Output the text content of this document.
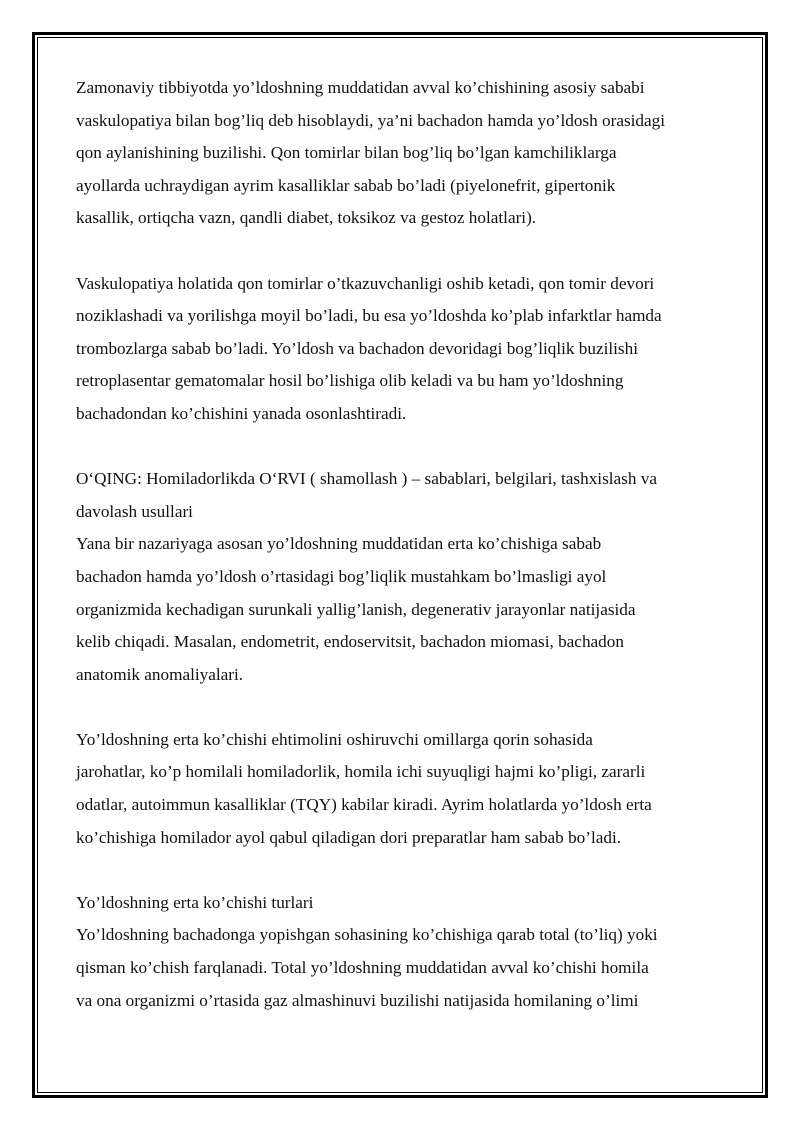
Zamonaviy tibbiyotda yo’ldoshning muddatidan avval ko’chishining asosiy sababi

vaskulopatiya bilan bog’liq deb hisoblaydi, ya’ni bachadon hamda yo’ldosh orasidagi

qon aylanishining buzilishi. Qon tomirlar bilan bog’liq bo’lgan kamchiliklarga

ayollarda uchraydigan ayrim kasalliklar sabab bo’ladi (piyelonefrit, gipertonik

kasallik, ortiqcha vazn, qandli diabet, toksikoz va gestoz holatlari).

Vaskulopatiya holatida qon tomirlar o’tkazuvchanligi oshib ketadi, qon tomir devori

noziklashadi va yorilishga moyil bo’ladi, bu esa yo’ldoshda ko’plab infarktlar hamda

trombozlarga sabab bo’ladi. Yo’ldosh va bachadon devoridagi bog’liqlik buzilishi

retroplasentar gematomalar hosil bo’lishiga olib keladi va bu ham yo’ldoshning

bachadondan ko’chishini yanada osonlashtiradi.

O‘QING: Homiladorlikda O‘RVI ( shamollash ) – sabablari, belgilari, tashxislash va

davolash usullari

Yana bir nazariyaga asosan yo’ldoshning muddatidan erta ko’chishiga sabab

bachadon hamda yo’ldosh o’rtasidagi bog’liqlik mustahkam bo’lmasligi ayol

organizmida kechadigan surunkali yallig’lanish, degenerativ jarayonlar natijasida

kelib chiqadi. Masalan, endometrit, endoservitsit, bachadon miomasi, bachadon

anatomik anomaliyalari.

Yo’ldoshning erta ko’chishi ehtimolini oshiruvchi omillarga qorin sohasida

jarohatlar, ko’p homilali homiladorlik, homila ichi suyuqligi hajmi ko’pligi, zararli

odatlar, autoimmun kasalliklar (TQY) kabilar kiradi. Ayrim holatlarda yo’ldosh erta

ko’chishiga homilador ayol qabul qiladigan dori preparatlar ham sabab bo’ladi.

Yo’ldoshning erta ko’chishi turlari

Yo’ldoshning bachadonga yopishgan sohasining ko’chishiga qarab total (to’liq) yoki

qisman ko’chish farqlanadi. Total yo’ldoshning muddatidan avval ko’chishi homila

va ona organizmi o’rtasida gaz almashinuvi buzilishi natijasida homilaning o’limi
